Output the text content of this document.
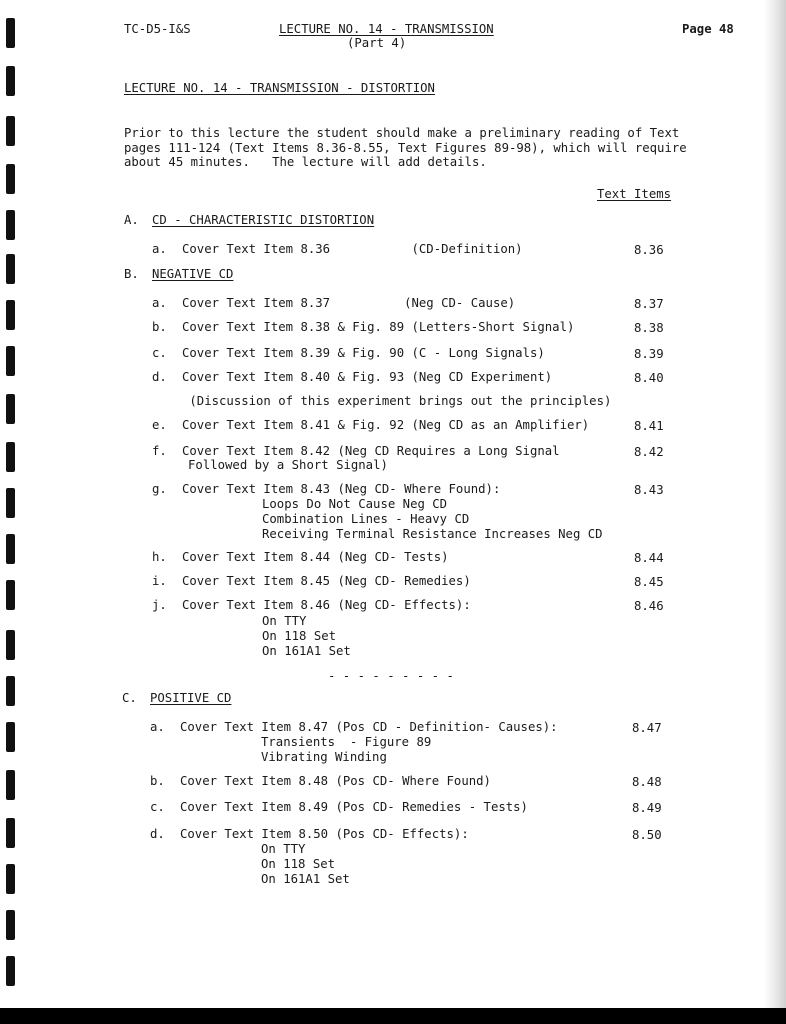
TC-D5-I&S	LECTURE NO. 14 - TRANSMISSION
(Part 4)
Page 48
LECTURE NO. 14 - TRANSMISSION - DISTORTION
Prior to this lecture the student should make a preliminary reading of Text
pages 111-124 (Text Items 8.36-8.55, Text Figures 89-98), which will require
about 45 minutes.   The lecture will add details.
Text Items
A. CD - CHARACTERISTIC DISTORTION
a. Cover Text Item 8.36           (CD-Definition)	8.36
B. NEGATIVE CD
a. Cover Text Item 8.37          (Neg CD- Cause)	8.37
b. Cover Text Item 8.38 & Fig. 89 (Letters-Short Signal)	8.38
c. Cover Text Item 8.39 & Fig. 90 (C - Long Signals)	8.39
d. Cover Text Item 8.40 & Fig. 93 (Neg CD Experiment)	8.40
(Discussion of this experiment brings out the principles)
e. Cover Text Item 8.41 & Fig. 92 (Neg CD as an Amplifier)	8.41
f. Cover Text Item 8.42 (Neg CD Requires a Long Signal	8.42
Followed by a Short Signal)
g. Cover Text Item 8.43 (Neg CD- Where Found):	8.43
Loops Do Not Cause Neg CD
Combination Lines - Heavy CD
Receiving Terminal Resistance Increases Neg CD
h. Cover Text Item 8.44 (Neg CD- Tests)	8.44
i. Cover Text Item 8.45 (Neg CD- Remedies)	8.45
j. Cover Text Item 8.46 (Neg CD- Effects):	8.46
On TTY
On 118 Set
On 161A1 Set
- - - - - - - - -
C. POSITIVE CD
a. Cover Text Item 8.47 (Pos CD - Definition- Causes):	8.47
Transients  - Figure 89
Vibrating Winding
b. Cover Text Item 8.48 (Pos CD- Where Found)	8.48
c. Cover Text Item 8.49 (Pos CD- Remedies - Tests)	8.49
d. Cover Text Item 8.50 (Pos CD- Effects):	8.50
On TTY
On 118 Set
On 161A1 Set
